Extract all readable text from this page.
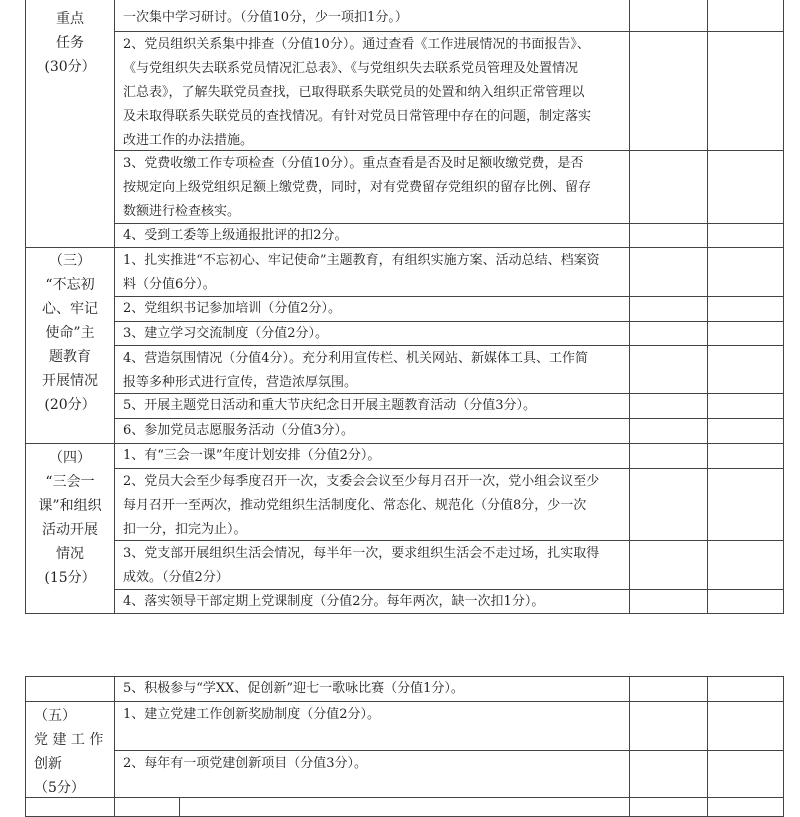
重点
任务
(30分）
一次集中学习研讨。（分值10分，少一项扣1分。）
2、党员组织关系集中排查（分值10分）。通过查看《工作进展情况的书面报告》、
《与党组织失去联系党员情况汇总表》、《与党组织失去联系党员管理及处置情况
汇总表》，了解失联党员查找，已取得联系失联党员的处置和纳入组织正常管理以
及未取得联系失联党员的查找情况。有针对党员日常管理中存在的问题，制定落实
改进工作的办法措施。
3、党费收缴工作专项检查（分值10分）。重点查看是否及时足额收缴党费，是否
按规定向上级党组织足额上缴党费，同时，对有党费留存党组织的留存比例、留存
数额进行检查核实。
4、受到工委等上级通报批评的扣2分。
（三）
“不忘初
心、牢记
使命”主
题教育
开展情况
(20分）
1、扎实推进“不忘初心、牢记使命”主题教育，有组织实施方案、活动总结、档案资
料（分值6分）。
2、党组织书记参加培训（分值2分）。
3、建立学习交流制度（分值2分）。
4、营造氛围情况（分值4分）。充分利用宣传栏、机关网站、新媒体工具、工作简
报等多种形式进行宣传，营造浓厚氛围。
5、开展主题党日活动和重大节庆纪念日开展主题教育活动（分值3分）。
6、参加党员志愿服务活动（分值3分）。
（四）
“三会一
课”和组织
活动开展
情况
(15分）
1、有“三会一课”年度计划安排（分值2分）。
2、党员大会至少每季度召开一次，支委会会议至少每月召开一次，党小组会议至少
每月召开一至两次，推动党组织生活制度化、常态化、规范化（分值8分，少一次
扣一分，扣完为止）。
3、党支部开展组织生活会情况，每半年一次，要求组织生活会不走过场，扎实取得
成效。（分值2分）
4、落实领导干部定期上党课制度（分值2分。每年两次，缺一次扣1分）。
5、积极参与“学XX、促创新”迎七一歌咏比赛（分值1分）。
（五）
党 建 工 作
创新
（5分）
1、建立党建工作创新奖励制度（分值2分）。
2、每年有一项党建创新项目（分值3分）。
